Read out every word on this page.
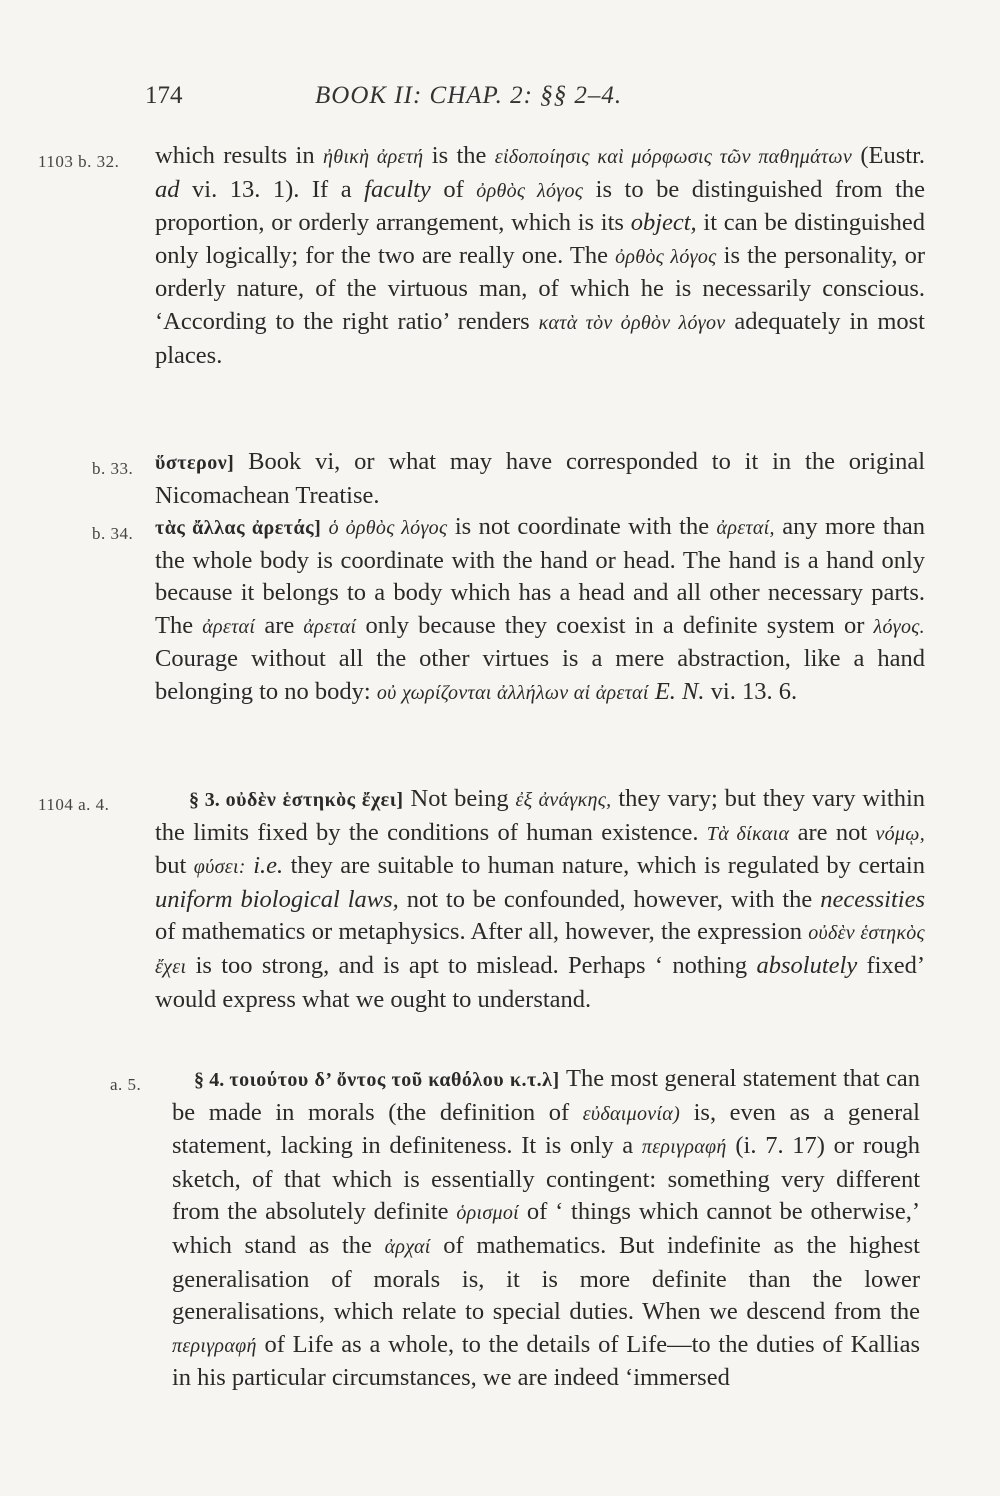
174	BOOK II: CHAP. 2: §§ 2–4.
1103 b. 32. which results in ἠθικὴ ἀρετή is the εἰδοποίησις καὶ μόρφωσις τῶν παθημάτων (Eustr. ad vi. 13. 1). If a faculty of ὀρθὸς λόγος is to be distinguished from the proportion, or orderly arrangement, which is its object, it can be distinguished only logically; for the two are really one. The ὀρθὸς λόγος is the personality, or orderly nature, of the virtuous man, of which he is necessarily conscious. ‘According to the right ratio’ renders κατὰ τὸν ὀρθὸν λόγον adequately in most places.
b. 33. ὕστερον] Book vi, or what may have corresponded to it in the original Nicomachean Treatise.
b. 34. τὰς ἄλλας ἀρετάς] ὁ ὀρθὸς λόγος is not coordinate with the ἀρεταί, any more than the whole body is coordinate with the hand or head. The hand is a hand only because it belongs to a body which has a head and all other necessary parts. The ἀρεταί are ἀρεταί only because they coexist in a definite system or λόγος. Courage without all the other virtues is a mere abstraction, like a hand belonging to no body: οὐ χωρίζονται ἀλλήλων αἱ ἀρεταί E. N. vi. 13. 6.
1104 a. 4.	§ 3. οὐδὲν ἑστηκὸς ἔχει] Not being ἐξ ἀνάγκης, they vary; but they vary within the limits fixed by the conditions of human existence. Τὰ δίκαια are not νόμῳ, but φύσει: i.e. they are suitable to human nature, which is regulated by certain uniform biological laws, not to be confounded, however, with the necessities of mathematics or metaphysics. After all, however, the expression οὐδὲν ἑστηκὸς ἔχει is too strong, and is apt to mislead. Perhaps ‘ nothing absolutely fixed’ would express what we ought to understand.
a. 5.	§ 4. τοιούτου δ’ ὄντος τοῦ καθόλου κ.τ.λ] The most general statement that can be made in morals (the definition of εὐδαιμονία) is, even as a general statement, lacking in definiteness. It is only a περιγραφή (i. 7. 17) or rough sketch, of that which is essentially contingent: something very different from the absolutely definite ὁρισμοί of ‘ things which cannot be otherwise,’ which stand as the ἀρχαί of mathematics. But indefinite as the highest generalisation of morals is, it is more definite than the lower generalisations, which relate to special duties. When we descend from the περιγραφή of Life as a whole, to the details of Life—to the duties of Kallias in his particular circumstances, we are indeed ‘immersed
